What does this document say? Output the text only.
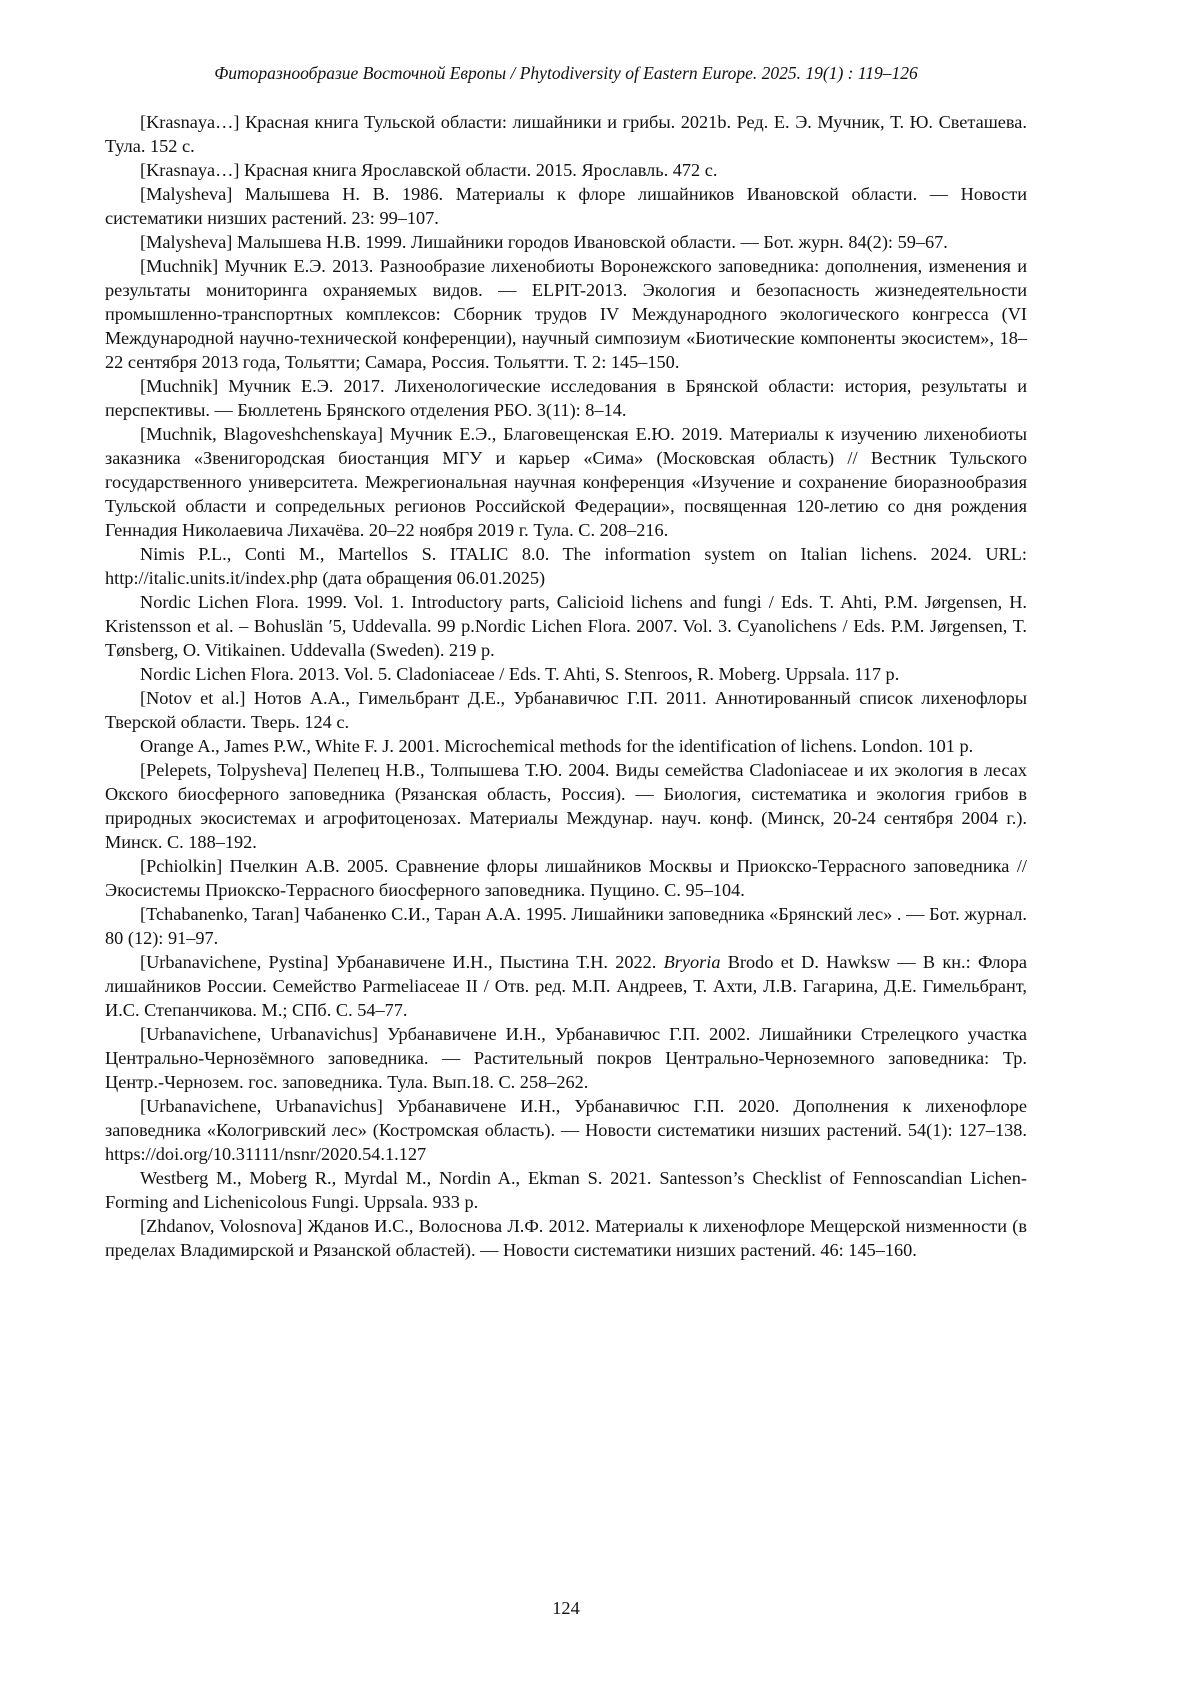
Фиторазнообразие Восточной Европы / Phytodiversity of Eastern Europe. 2025. 19(1) : 119–126

[Krasnaya…] Красная книга Тульской области: лишайники и грибы. 2021b. Ред. Е. Э. Мучник, Т. Ю. Светашева. Тула. 152 с.

[Krasnaya…] Красная книга Ярославской области. 2015. Ярославль. 472 с.

[Malysheva] Малышева Н. В. 1986. Материалы к флоре лишайников Ивановской области. — Новости систематики низших растений. 23: 99–107.

[Malysheva] Малышева Н.В. 1999. Лишайники городов Ивановской области. — Бот. журн. 84(2): 59–67.

[Muchnik] Мучник Е.Э. 2013. Разнообразие лихенобиоты Воронежского заповедника: дополнения, изменения и результаты мониторинга охраняемых видов. — ELPIT-2013. Экология и безопасность жизнедеятельности промышленно-транспортных комплексов: Сборник трудов IV Международного экологического конгресса (VI Международной научно-технической конференции), научный симпозиум «Биотические компоненты экосистем», 18–22 сентября 2013 года, Тольятти; Самара, Россия. Тольятти. Т. 2: 145–150.

[Muchnik] Мучник Е.Э. 2017. Лихенологические исследования в Брянской области: история, результаты и перспективы. — Бюллетень Брянского отделения РБО. 3(11): 8–14.

[Muchnik, Blagoveshchenskaya] Мучник Е.Э., Благовещенская Е.Ю. 2019. Материалы к изучению лихенобиоты заказника «Звенигородская биостанция МГУ и карьер «Сима» (Московская область) // Вестник Тульского государственного университета. Межрегиональная научная конференция «Изучение и сохранение биоразнообразия Тульской области и сопредельных регионов Российской Федерации», посвященная 120-летию со дня рождения Геннадия Николаевича Лихачёва. 20–22 ноября 2019 г. Тула. С. 208–216.

Nimis P.L., Conti M., Martellos S. ITALIC 8.0. The information system on Italian lichens. 2024. URL: http://italic.units.it/index.php (дата обращения 06.01.2025)

Nordic Lichen Flora. 1999. Vol. 1. Introductory parts, Calicioid lichens and fungi / Eds. T. Ahti, P.M. Jørgensen, H. Kristensson et al. – Bohuslän ′5, Uddevalla. 99 p.Nordic Lichen Flora. 2007. Vol. 3. Cyanolichens / Eds. P.M. Jørgensen, T. Tønsberg, O. Vitikainen. Uddevalla (Sweden). 219 p.

Nordic Lichen Flora. 2013. Vol. 5. Cladoniaceae / Eds. T. Ahti, S. Stenroos, R. Moberg. Uppsala. 117 p.

[Notov et al.] Нотов А.А., Гимельбрант Д.Е., Урбанавичюс Г.П. 2011. Аннотированный список лихенофлоры Тверской области. Тверь. 124 с.

Orange A., James P.W., White F. J. 2001. Microchemical methods for the identification of lichens. London. 101 p.

[Pelepets, Tolpysheva] Пелепец Н.В., Толпышева Т.Ю. 2004. Виды семейства Cladoniaceae и их экология в лесах Окского биосферного заповедника (Рязанская область, Россия). — Биология, систематика и экология грибов в природных экосистемах и агрофитоценозах. Материалы Междунар. науч. конф. (Минск, 20-24 сентября 2004 г.). Минск. С. 188–192.

[Pchiolkin] Пчелкин А.В. 2005. Сравнение флоры лишайников Москвы и Приокско-Террасного заповедника // Экосистемы Приокско-Террасного биосферного заповедника. Пущино. С. 95–104.

[Tchabanenko, Taran] Чабаненко С.И., Таран А.А. 1995. Лишайники заповедника «Брянский лес» . — Бот. журнал. 80 (12): 91–97.

[Urbanavichene, Pystina] Урбанавичене И.Н., Пыстина Т.Н. 2022. Bryoria Brodo et D. Hawksw — В кн.: Флора лишайников России. Семейство Parmeliaceae II / Отв. ред. М.П. Андреев, Т. Ахти, Л.В. Гагарина, Д.Е. Гимельбрант, И.С. Степанчикова. М.; СПб. С. 54–77.

[Urbanavichene, Urbanavichus] Урбанавичене И.Н., Урбанавичюс Г.П. 2002. Лишайники Стрелецкого участка Центрально-Чернозёмного заповедника. — Растительный покров Центрально-Черноземного заповедника: Тр. Центр.-Чернозем. гос. заповедника. Тула. Вып.18. С. 258–262.

[Urbanavichene, Urbanavichus] Урбанавичене И.Н., Урбанавичюс Г.П. 2020. Дополнения к лихенофлоре заповедника «Кологривский лес» (Костромская область). — Новости систематики низших растений. 54(1): 127–138. https://doi.org/10.31111/nsnr/2020.54.1.127

Westberg M., Moberg R., Myrdal M., Nordin A., Ekman S. 2021. Santesson’s Checklist of Fennoscandian Lichen-Forming and Lichenicolous Fungi. Uppsala. 933 p.

[Zhdanov, Volosnova] Жданов И.С., Волоснова Л.Ф. 2012. Материалы к лихенофлоре Мещерской низменности (в пределах Владимирской и Рязанской областей). — Новости систематики низших растений. 46: 145–160.

124
